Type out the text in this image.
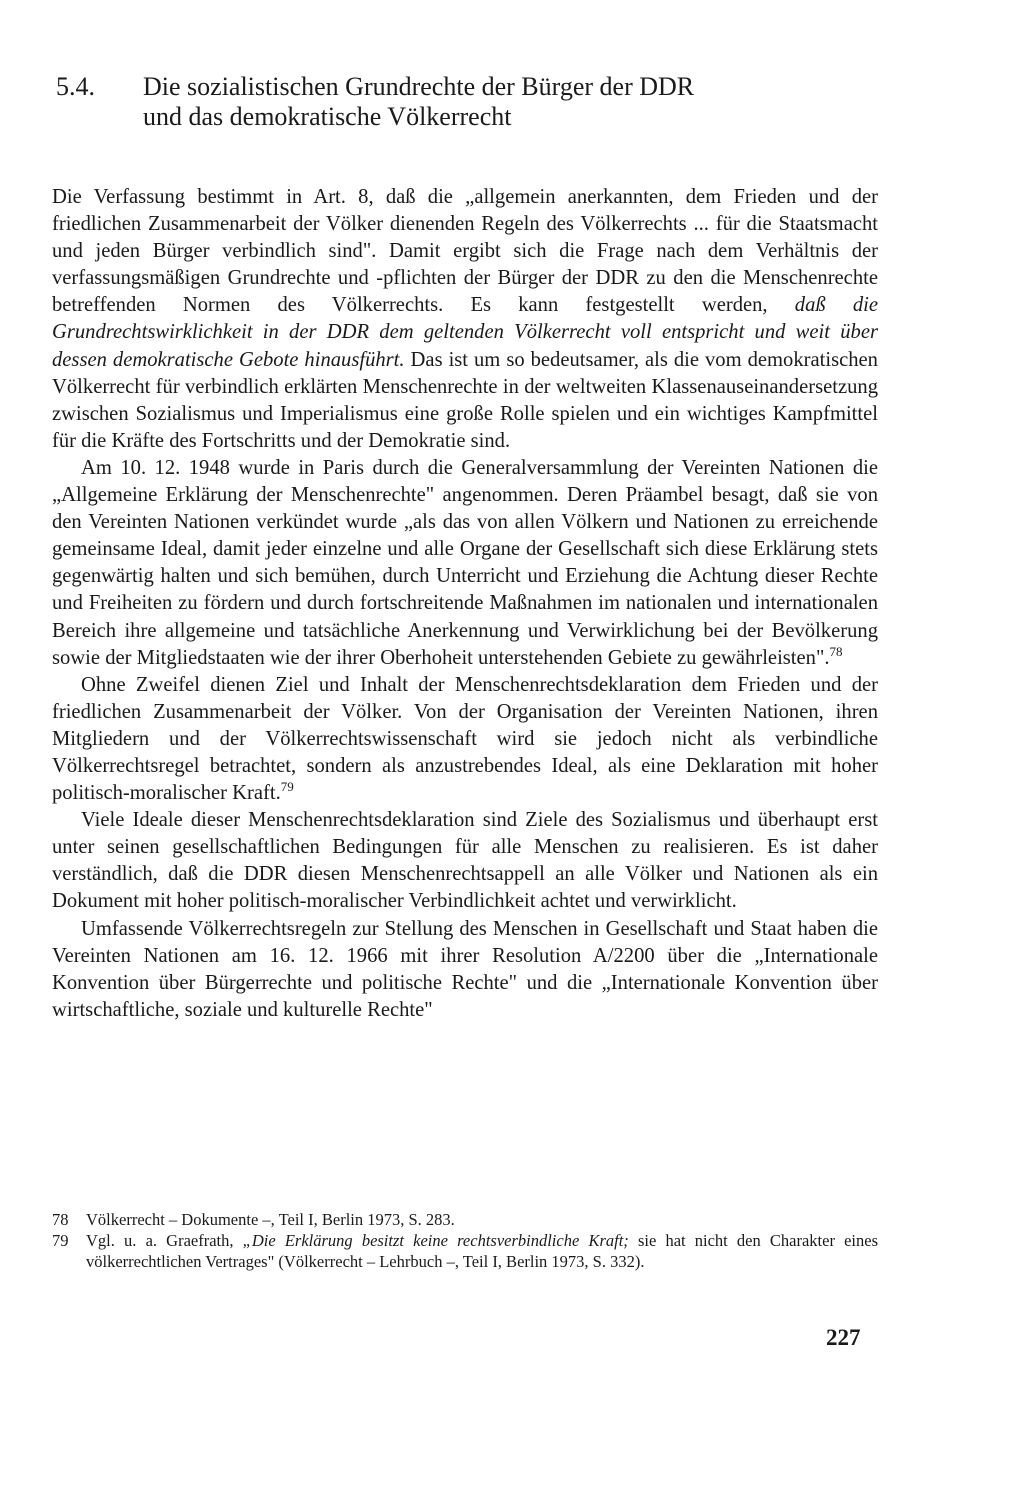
5.4. Die sozialistischen Grundrechte der Bürger der DDR
und das demokratische Völkerrecht

Die Verfassung bestimmt in Art. 8, daß die „allgemein anerkannten, dem Frieden und der friedlichen Zusammenarbeit der Völker dienenden Regeln des Völkerrechts ... für die Staatsmacht und jeden Bürger verbindlich sind". Damit ergibt sich die Frage nach dem Verhältnis der verfassungsmäßigen Grundrechte und -pflichten der Bürger der DDR zu den die Menschenrechte betreffenden Normen des Völkerrechts. Es kann festgestellt werden, daß die Grundrechtswirklichkeit in der DDR dem geltenden Völkerrecht voll entspricht und weit über dessen demokratische Gebote hinausführt. Das ist um so bedeutsamer, als die vom demokratischen Völkerrecht für verbindlich erklärten Menschenrechte in der weltweiten Klassenauseinandersetzung zwischen Sozialismus und Imperialismus eine große Rolle spielen und ein wichtiges Kampfmittel für die Kräfte des Fortschritts und der Demokratie sind.

Am 10. 12. 1948 wurde in Paris durch die Generalversammlung der Vereinten Nationen die „Allgemeine Erklärung der Menschenrechte" angenommen. Deren Präambel besagt, daß sie von den Vereinten Nationen verkündet wurde „als das von allen Völkern und Nationen zu erreichende gemeinsame Ideal, damit jeder einzelne und alle Organe der Gesellschaft sich diese Erklärung stets gegenwärtig halten und sich bemühen, durch Unterricht und Erziehung die Achtung dieser Rechte und Freiheiten zu fördern und durch fortschreitende Maßnahmen im nationalen und internationalen Bereich ihre allgemeine und tatsächliche Anerkennung und Verwirklichung bei der Bevölkerung sowie der Mitgliedstaaten wie der ihrer Oberhoheit unterstehenden Gebiete zu gewährleisten".$^{78}$

Ohne Zweifel dienen Ziel und Inhalt der Menschenrechtsdeklaration dem Frieden und der friedlichen Zusammenarbeit der Völker. Von der Organisation der Vereinten Nationen, ihren Mitgliedern und der Völkerrechtswissenschaft wird sie jedoch nicht als verbindliche Völkerrechtsregel betrachtet, sondern als anzustrebendes Ideal, als eine Deklaration mit hoher politisch-moralischer Kraft.$^{79}$

Viele Ideale dieser Menschenrechtsdeklaration sind Ziele des Sozialismus und überhaupt erst unter seinen gesellschaftlichen Bedingungen für alle Menschen zu realisieren. Es ist daher verständlich, daß die DDR diesen Menschenrechtsappell an alle Völker und Nationen als ein Dokument mit hoher politisch-moralischer Verbindlichkeit achtet und verwirklicht.

Umfassende Völkerrechtsregeln zur Stellung des Menschen in Gesellschaft und Staat haben die Vereinten Nationen am 16. 12. 1966 mit ihrer Resolution A/2200 über die „Internationale Konvention über Bürgerrechte und politische Rechte" und die „Internationale Konvention über wirtschaftliche, soziale und kulturelle Rechte"

78 Völkerrecht – Dokumente –, Teil I, Berlin 1973, S. 283.
79 Vgl. u. a. Graefrath, „Die Erklärung besitzt keine rechtsverbindliche Kraft; sie hat nicht den Charakter eines völkerrechtlichen Vertrages" (Völkerrecht – Lehrbuch –, Teil I, Berlin 1973, S. 332).
227
